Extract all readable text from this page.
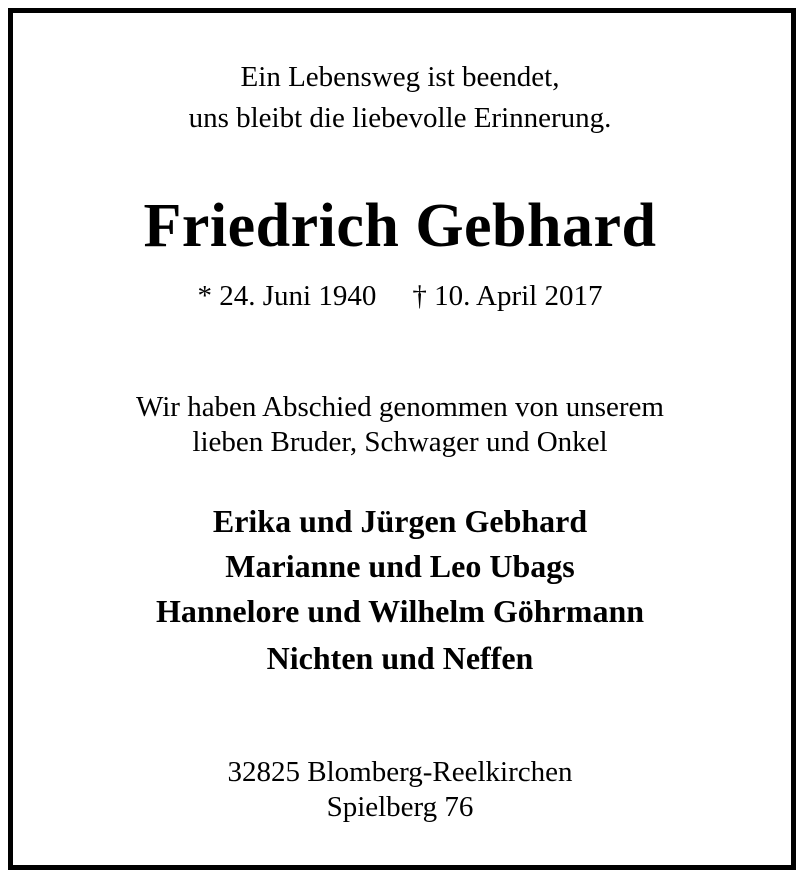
Ein Lebensweg ist beendet,
uns bleibt die liebevolle Erinnerung.
Friedrich Gebhard
* 24. Juni 1940 † 10. April 2017
Wir haben Abschied genommen von unserem
lieben Bruder, Schwager und Onkel
Erika und Jürgen Gebhard
Marianne und Leo Ubags
Hannelore und Wilhelm Göhrmann
Nichten und Neffen
32825 Blomberg-Reelkirchen
Spielberg 76
